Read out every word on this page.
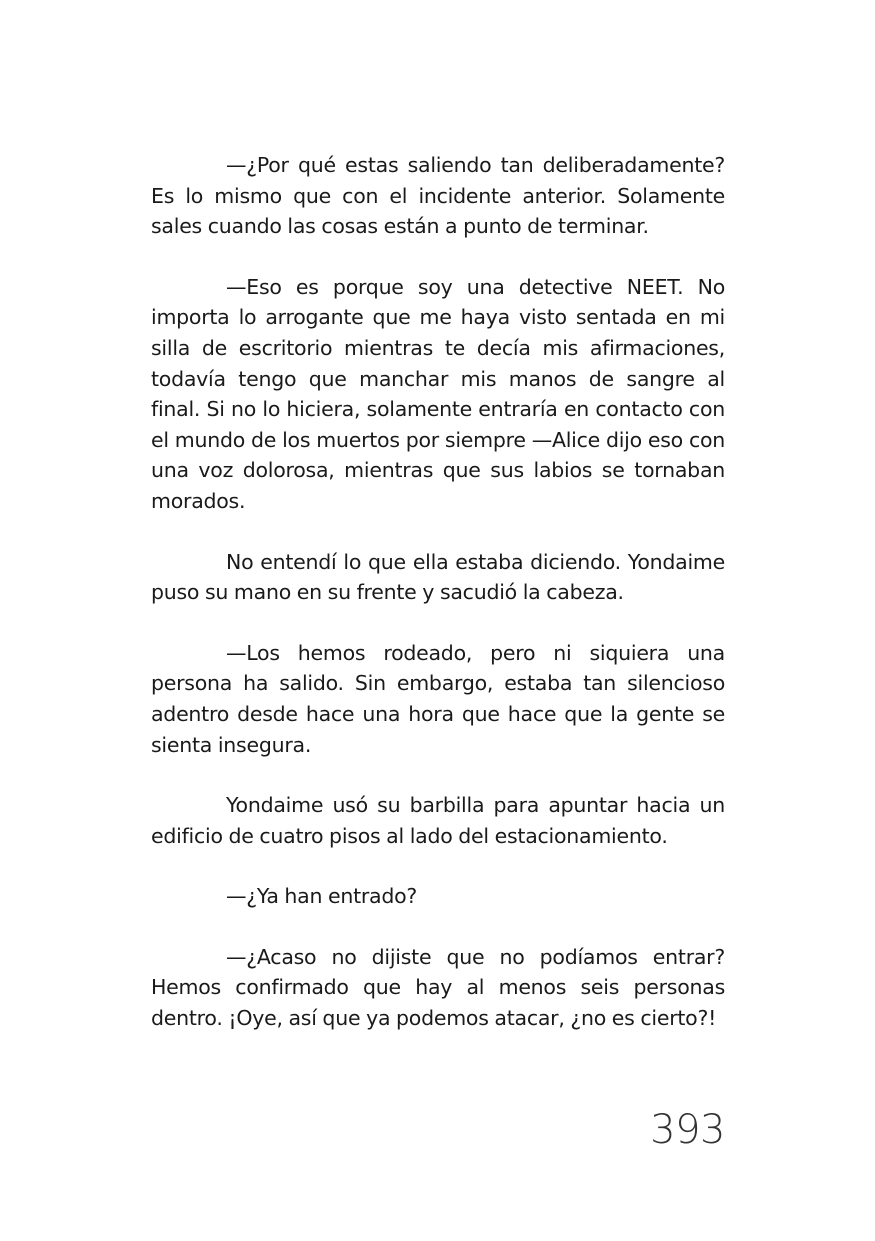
—¿Por qué estas saliendo tan deliberadamente? Es lo mismo que con el incidente anterior. Solamente sales cuando las cosas están a punto de terminar.

—Eso es porque soy una detective NEET. No importa lo arrogante que me haya visto sentada en mi silla de escritorio mientras te decía mis afirmaciones, todavía tengo que manchar mis manos de sangre al final. Si no lo hiciera, solamente entraría en contacto con el mundo de los muertos por siempre —Alice dijo eso con una voz dolorosa, mientras que sus labios se tornaban morados.

No entendí lo que ella estaba diciendo. Yondaime puso su mano en su frente y sacudió la cabeza.

—Los hemos rodeado, pero ni siquiera una persona ha salido. Sin embargo, estaba tan silencioso adentro desde hace una hora que hace que la gente se sienta insegura.

Yondaime usó su barbilla para apuntar hacia un edificio de cuatro pisos al lado del estacionamiento.

—¿Ya han entrado?

—¿Acaso no dijiste que no podíamos entrar? Hemos confirmado que hay al menos seis personas dentro. ¡Oye, así que ya podemos atacar, ¿no es cierto?!

393
